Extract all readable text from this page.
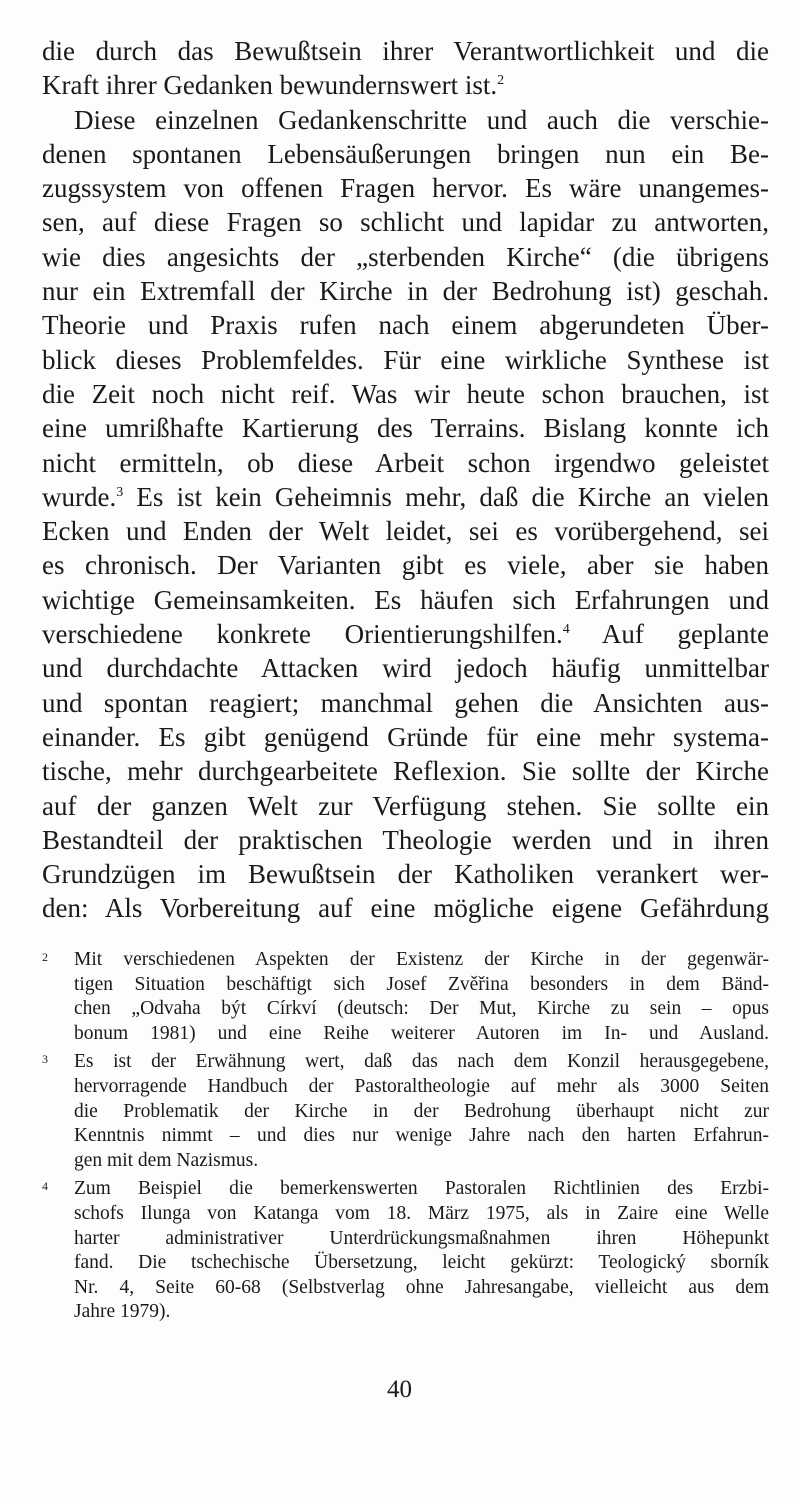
die durch das Bewußtsein ihrer Verantwortlichkeit und die
Kraft ihrer Gedanken bewundernswert ist.$^2$
Diese einzelnen Gedankenschritte und auch die verschie-
denen spontanen Lebensäußerungen bringen nun ein Be-
zugssystem von offenen Fragen hervor. Es wäre unangemes-
sen, auf diese Fragen so schlicht und lapidar zu antworten,
wie dies angesichts der „sterbenden Kirche“ (die übrigens
nur ein Extremfall der Kirche in der Bedrohung ist) geschah.
Theorie und Praxis rufen nach einem abgerundeten Über-
blick dieses Problemfeldes. Für eine wirkliche Synthese ist
die Zeit noch nicht reif. Was wir heute schon brauchen, ist
eine umrißhafte Kartierung des Terrains. Bislang konnte ich
nicht ermitteln, ob diese Arbeit schon irgendwo geleistet
wurde.$^3$ Es ist kein Geheimnis mehr, daß die Kirche an vielen
Ecken und Enden der Welt leidet, sei es vorübergehend, sei
es chronisch. Der Varianten gibt es viele, aber sie haben
wichtige Gemeinsamkeiten. Es häufen sich Erfahrungen und
verschiedene konkrete Orientierungshilfen.$^4$ Auf geplante
und durchdachte Attacken wird jedoch häufig unmittelbar
und spontan reagiert; manchmal gehen die Ansichten aus-
einander. Es gibt genügend Gründe für eine mehr systema-
tische, mehr durchgearbeitete Reflexion. Sie sollte der Kirche
auf der ganzen Welt zur Verfügung stehen. Sie sollte ein
Bestandteil der praktischen Theologie werden und in ihren
Grundzügen im Bewußtsein der Katholiken verankert wer-
den: Als Vorbereitung auf eine mögliche eigene Gefährdung
2 Mit verschiedenen Aspekten der Existenz der Kirche in der gegenwär-
tigen Situation beschäftigt sich Josef Zvěřina besonders in dem Bänd-
chen „Odvaha být Církví (deutsch: Der Mut, Kirche zu sein – opus
bonum 1981) und eine Reihe weiterer Autoren im In- und Ausland.
3 Es ist der Erwähnung wert, daß das nach dem Konzil herausgegebene,
hervorragende Handbuch der Pastoraltheologie auf mehr als 3000 Seiten
die Problematik der Kirche in der Bedrohung überhaupt nicht zur
Kenntnis nimmt – und dies nur wenige Jahre nach den harten Erfahrun-
gen mit dem Nazismus.
4 Zum Beispiel die bemerkenswerten Pastoralen Richtlinien des Erzbi-
schofs Ilunga von Katanga vom 18. März 1975, als in Zaire eine Welle
harter administrativer Unterdrückungsmaßnahmen ihren Höhepunkt
fand. Die tschechische Übersetzung, leicht gekürzt: Teologický sborník
Nr. 4, Seite 60-68 (Selbstverlag ohne Jahresangabe, vielleicht aus dem
Jahre 1979).
40
